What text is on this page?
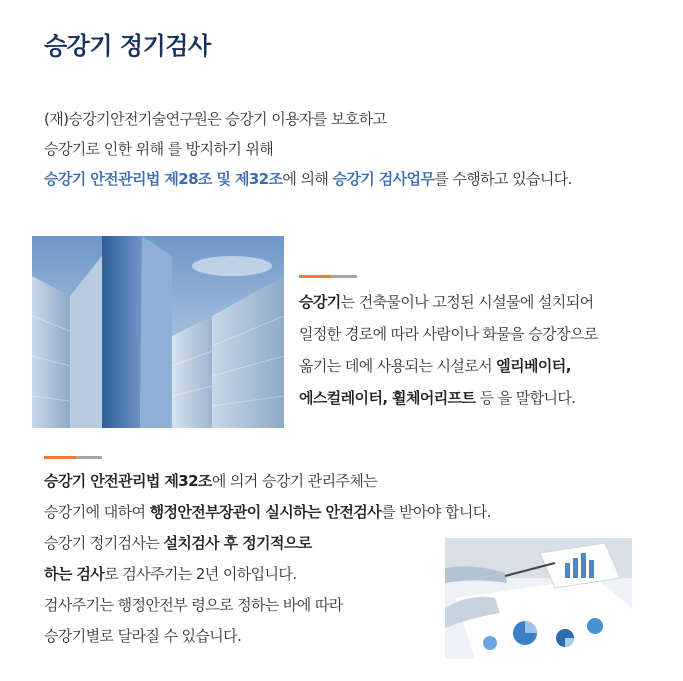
승강기 정기검사
(재)승강기안전기술연구원은 승강기 이용자를 보호하고
승강기로 인한 위해 를 방지하기 위해
승강기 안전관리법 제28조 및 제32조에 의해 승강기 검사업무를 수행하고 있습니다.
승강기는 건축물이나 고정된 시설물에 설치되어
일정한 경로에 따라 사람이나 화물을 승강장으로
옮기는 데에 사용되는 시설로서 엘리베이터,
에스컬레이터, 휠체어리프트 등 을 말합니다.
승강기 안전관리법 제32조에 의거 승강기 관리주체는
승강기에 대하여 행정안전부장관이 실시하는 안전검사를 받아야 합니다.
승강기 정기검사는 설치검사 후 정기적으로
하는 검사로 검사주기는 2년 이하입니다.
검사주기는 행정안전부 령으로 정하는 바에 따라
승강기별로 달라질 수 있습니다.
